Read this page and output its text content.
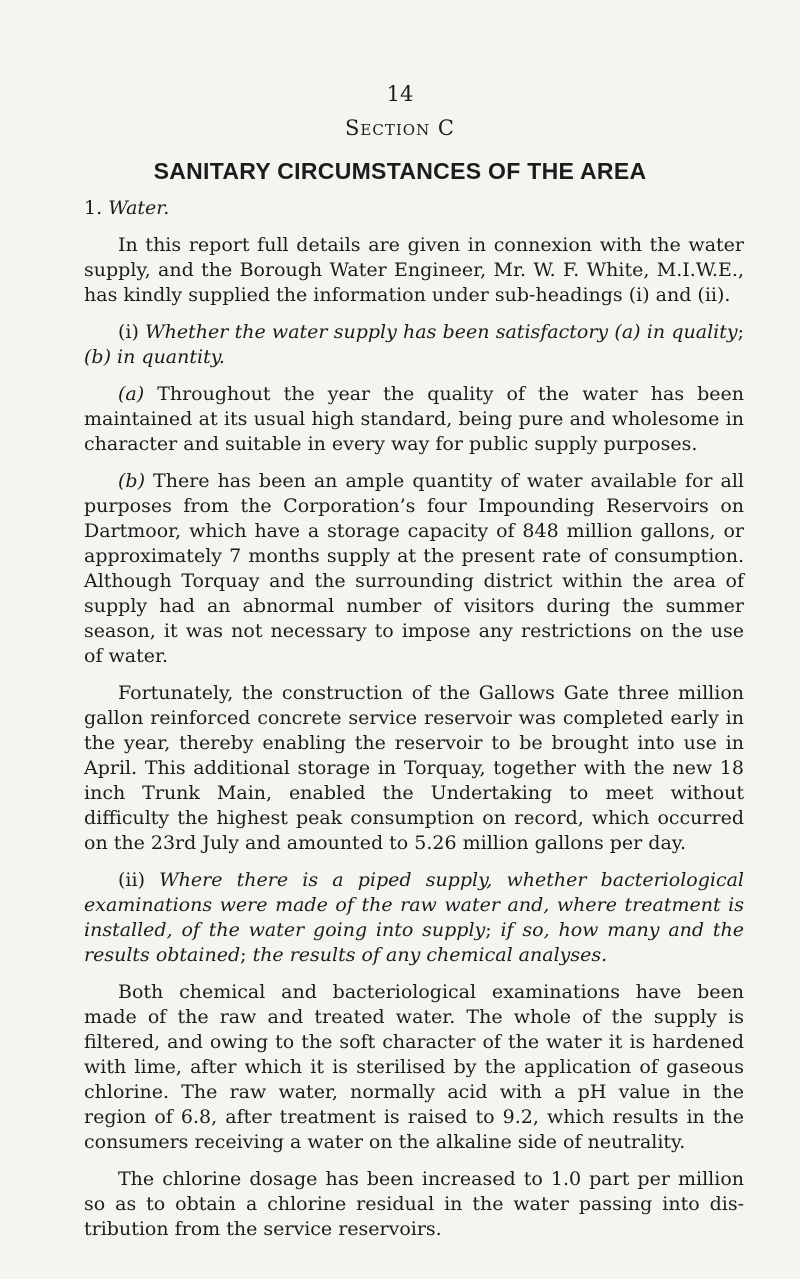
14
Section C
SANITARY CIRCUMSTANCES OF THE AREA

1. Water.

In this report full details are given in connexion with the water supply, and the Borough Water Engineer, Mr. W. F. White, M.I.W.E., has kindly supplied the information under sub-headings (i) and (ii).

(i) Whether the water supply has been satisfactory (a) in quality; (b) in quantity.

(a) Throughout the year the quality of the water has been maintained at its usual high standard, being pure and wholesome in character and suitable in every way for public supply purposes.

(b) There has been an ample quantity of water available for all purposes from the Corporation’s four Impounding Reservoirs on Dartmoor, which have a storage capacity of 848 million gallons, or approximately 7 months supply at the present rate of consumption. Although Torquay and the surrounding district within the area of supply had an abnormal number of visitors during the summer season, it was not necessary to impose any restrictions on the use of water.

Fortunately, the construction of the Gallows Gate three million gallon reinforced concrete service reservoir was completed early in the year, thereby enabling the reservoir to be brought into use in April. This additional storage in Torquay, together with the new 18 inch Trunk Main, enabled the Undertaking to meet without difficulty the highest peak consumption on record, which occurred on the 23rd July and amounted to 5.26 million gallons per day.

(ii) Where there is a piped supply, whether bacteriological examinations were made of the raw water and, where treatment is installed, of the water going into supply; if so, how many and the results obtained; the results of any chemical analyses.

Both chemical and bacteriological examinations have been made of the raw and treated water. The whole of the supply is filtered, and owing to the soft character of the water it is hardened with lime, after which it is sterilised by the application of gaseous chlorine. The raw water, normally acid with a pH value in the region of 6.8, after treatment is raised to 9.2, which results in the consumers receiving a water on the alkaline side of neutrality.

The chlorine dosage has been increased to 1.0 part per million so as to obtain a chlorine residual in the water passing into distribution from the service reservoirs.
